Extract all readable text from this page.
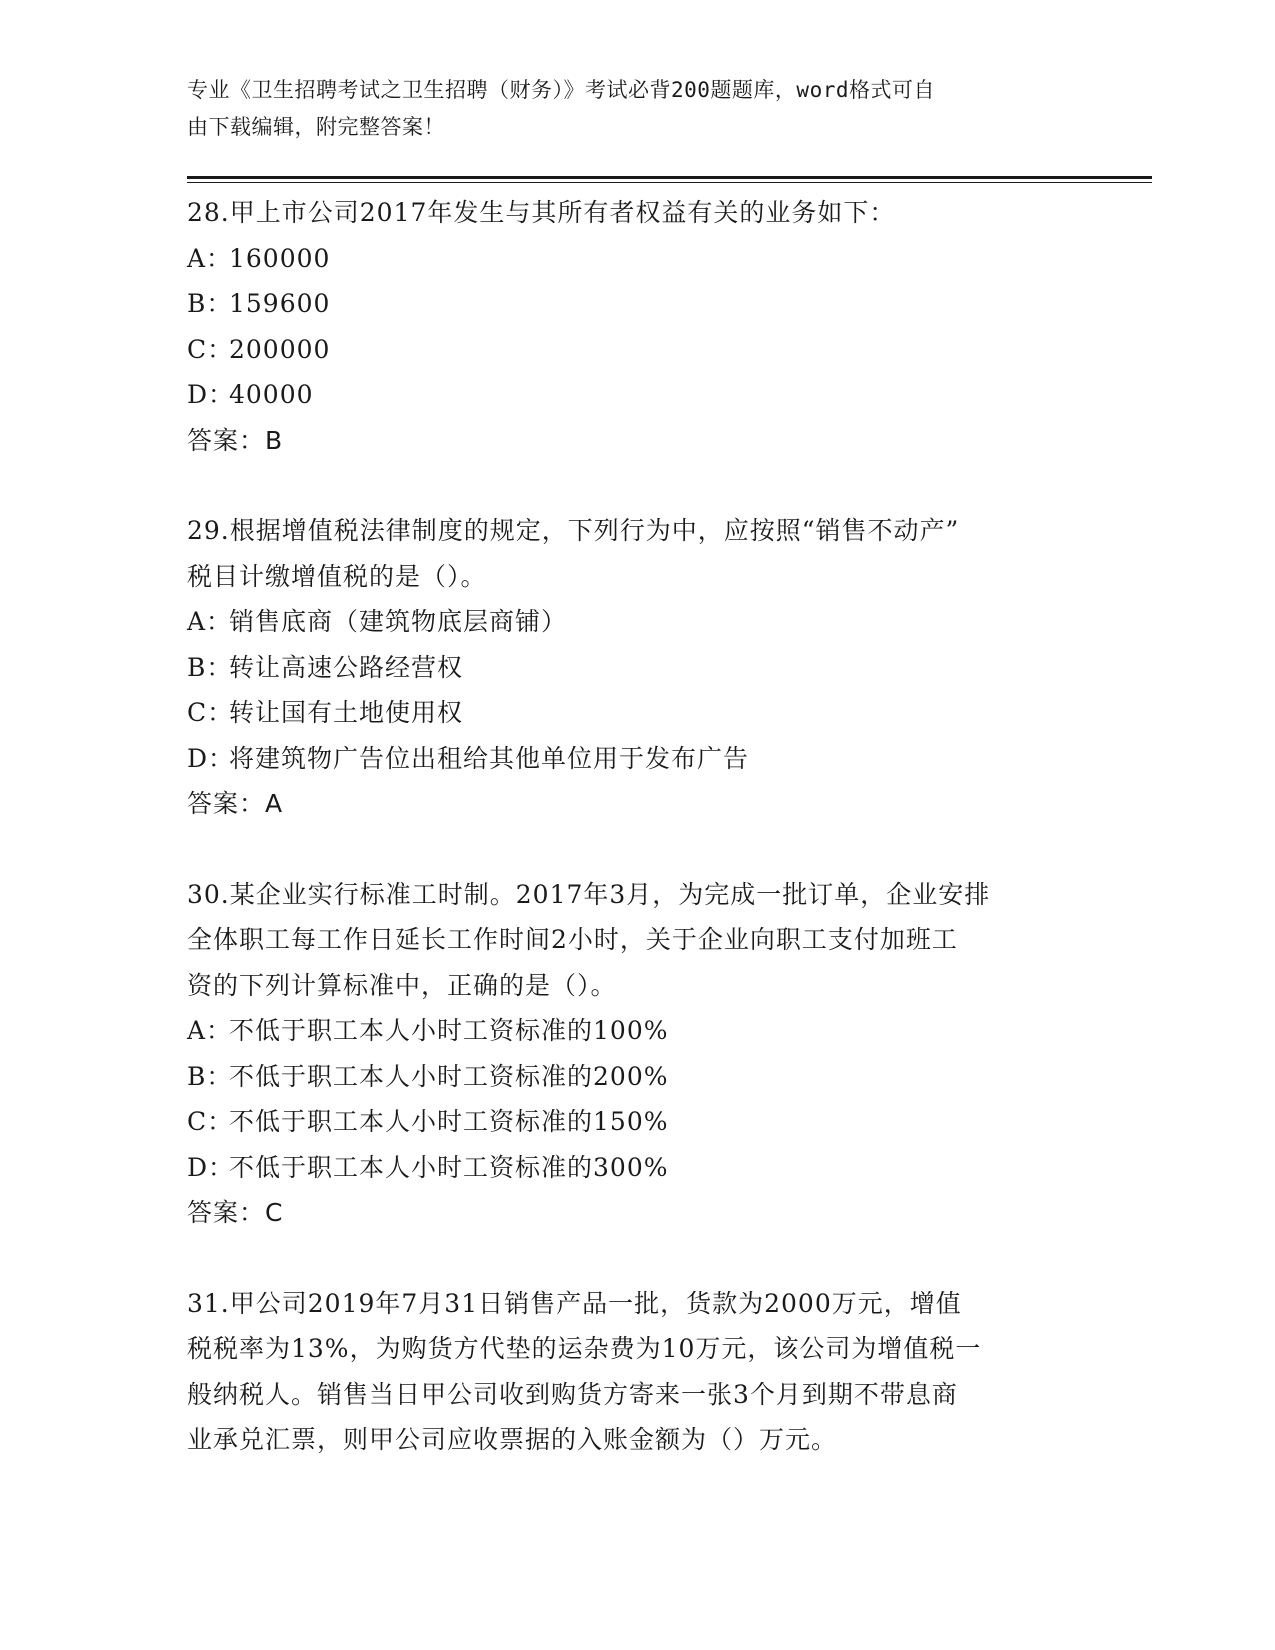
专业《卫生招聘考试之卫生招聘（财务）》考试必背200题题库，word格式可自
由下载编辑，附完整答案！
28.甲上市公司2017年发生与其所有者权益有关的业务如下：
A：160000
B：159600
C：200000
D：40000
答案：B
29.根据增值税法律制度的规定，下列行为中，应按照“销售不动产”
税目计缴增值税的是（）。
A：销售底商（建筑物底层商铺）
B：转让高速公路经营权
C：转让国有土地使用权
D：将建筑物广告位出租给其他单位用于发布广告
答案：A
30.某企业实行标准工时制。2017年3月，为完成一批订单，企业安排
全体职工每工作日延长工作时间2小时，关于企业向职工支付加班工
资的下列计算标准中，正确的是（）。
A：不低于职工本人小时工资标准的100%
B：不低于职工本人小时工资标准的200%
C：不低于职工本人小时工资标准的150%
D：不低于职工本人小时工资标准的300%
答案：C
31.甲公司2019年7月31日销售产品一批，货款为2000万元，增值
税税率为13%，为购货方代垫的运杂费为10万元，该公司为增值税一
般纳税人。销售当日甲公司收到购货方寄来一张3个月到期不带息商
业承兑汇票，则甲公司应收票据的入账金额为（）万元。
